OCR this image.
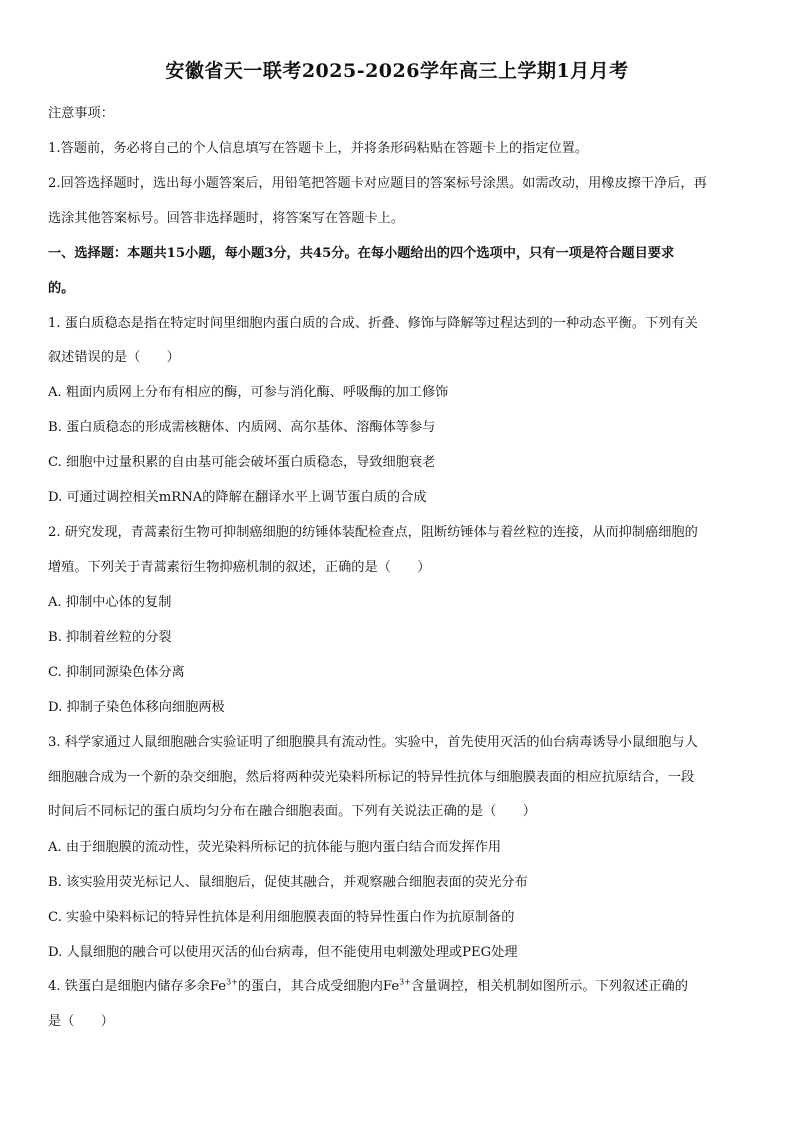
安徽省天一联考2025-2026学年高三上学期1月月考
注意事项：
1.答题前，务必将自己的个人信息填写在答题卡上，并将条形码粘贴在答题卡上的指定位置。
2.回答选择题时，选出每小题答案后，用铅笔把答题卡对应题目的答案标号涂黑。如需改动，用橡皮擦干净后，再
选涂其他答案标号。回答非选择题时，将答案写在答题卡上。
一、选择题：本题共15小题，每小题3分，共45分。在每小题给出的四个选项中，只有一项是符合题目要求
的。
1. 蛋白质稳态是指在特定时间里细胞内蛋白质的合成、折叠、修饰与降解等过程达到的一种动态平衡。下列有关
叙述错误的是（　　）
A. 粗面内质网上分布有相应的酶，可参与消化酶、呼吸酶的加工修饰
B. 蛋白质稳态的形成需核糖体、内质网、高尔基体、溶酶体等参与
C. 细胞中过量积累的自由基可能会破坏蛋白质稳态，导致细胞衰老
D. 可通过调控相关mRNA的降解在翻译水平上调节蛋白质的合成
2. 研究发现，青蒿素衍生物可抑制癌细胞的纺锤体装配检查点，阻断纺锤体与着丝粒的连接，从而抑制癌细胞的
增殖。下列关于青蒿素衍生物抑癌机制的叙述，正确的是（　　）
A. 抑制中心体的复制
B. 抑制着丝粒的分裂
C. 抑制同源染色体分离
D. 抑制子染色体移向细胞两极
3. 科学家通过人鼠细胞融合实验证明了细胞膜具有流动性。实验中，首先使用灭活的仙台病毒诱导小鼠细胞与人
细胞融合成为一个新的杂交细胞，然后将两种荧光染料所标记的特异性抗体与细胞膜表面的相应抗原结合，一段
时间后不同标记的蛋白质均匀分布在融合细胞表面。下列有关说法正确的是（　　）
A. 由于细胞膜的流动性，荧光染料所标记的抗体能与胞内蛋白结合而发挥作用
B. 该实验用荧光标记人、鼠细胞后，促使其融合，并观察融合细胞表面的荧光分布
C. 实验中染料标记的特异性抗体是利用细胞膜表面的特异性蛋白作为抗原制备的
D. 人鼠细胞的融合可以使用灭活的仙台病毒，但不能使用电刺激处理或PEG处理
4. 铁蛋白是细胞内储存多余$Fe^{3+}$的蛋白，其合成受细胞内$Fe^{3+}$含量调控，相关机制如图所示。下列叙述正确的
是（　　）
